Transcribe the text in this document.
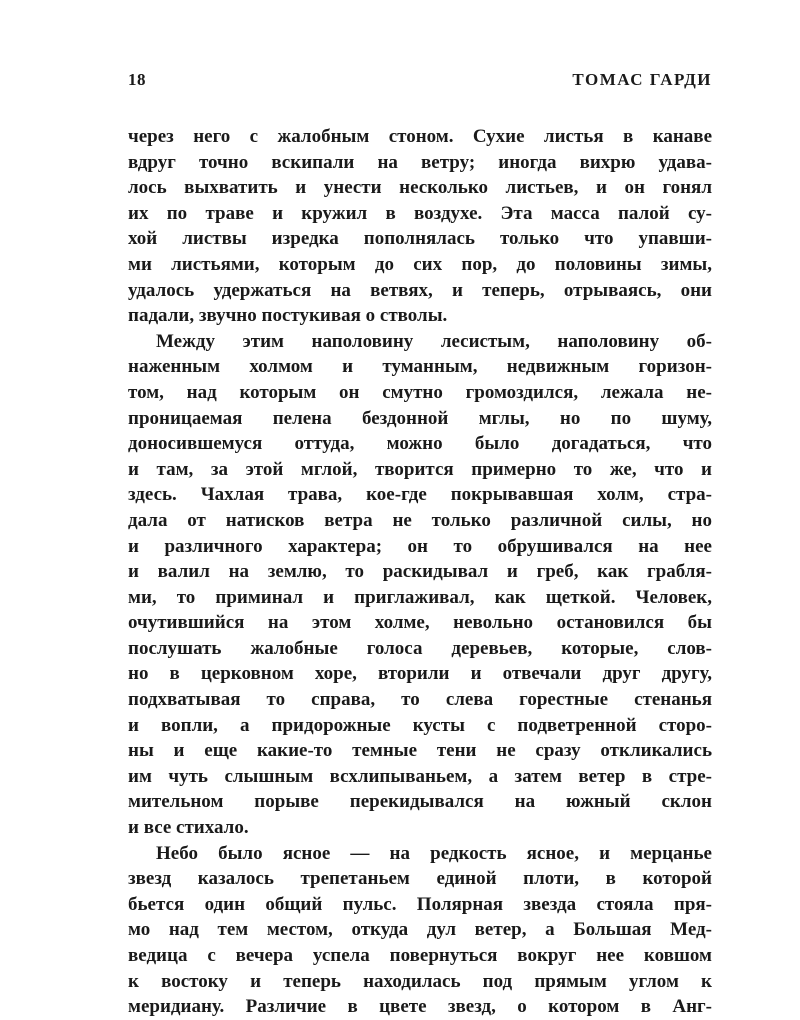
18	ТОМАС ГАРДИ
через него с жалобным стоном. Сухие листья в канаве
вдруг точно вскипали на ветру; иногда вихрю удава-
лось выхватить и унести несколько листьев, и он гонял
их по траве и кружил в воздухе. Эта масса палой су-
хой листвы изредка пополнялась только что упавши-
ми листьями, которым до сих пор, до половины зимы,
удалось удержаться на ветвях, и теперь, отрываясь, они
падали, звучно постукивая о стволы.
Между этим наполовину лесистым, наполовину об-
наженным холмом и туманным, недвижным горизон-
том, над которым он смутно громоздился, лежала не-
проницаемая пелена бездонной мглы, но по шуму,
доносившемуся оттуда, можно было догадаться, что
и там, за этой мглой, творится примерно то же, что и
здесь. Чахлая трава, кое-где покрывавшая холм, стра-
дала от натисков ветра не только различной силы, но
и различного характера; он то обрушивался на нее
и валил на землю, то раскидывал и греб, как грабля-
ми, то приминал и приглаживал, как щеткой. Человек,
очутившийся на этом холме, невольно остановился бы
послушать жалобные голоса деревьев, которые, слов-
но в церковном хоре, вторили и отвечали друг другу,
подхватывая то справа, то слева горестные стенанья
и вопли, а придорожные кусты с подветренной сторо-
ны и еще какие-то темные тени не сразу откликались
им чуть слышным всхлипываньем, а затем ветер в стре-
мительном порыве перекидывался на южный склон
и все стихало.
Небо было ясное — на редкость ясное, и мерцанье
звезд казалось трепетаньем единой плоти, в которой
бьется один общий пульс. Полярная звезда стояла пря-
мо над тем местом, откуда дул ветер, а Большая Мед-
ведица с вечера успела повернуться вокруг нее ковшом
к востоку и теперь находилась под прямым углом к
меридиану. Различие в цвете звезд, о котором в Анг-
